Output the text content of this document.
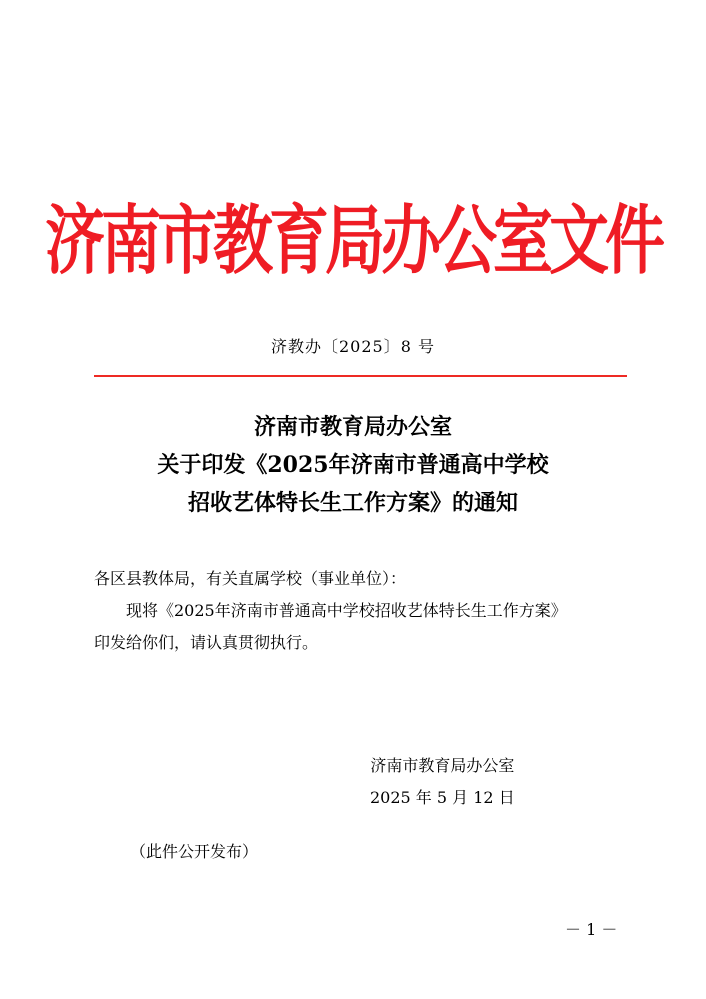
济南市教育局办公室文件
济教办〔2025〕8 号
济南市教育局办公室
关于印发《2025年济南市普通高中学校
招收艺体特长生工作方案》的通知

各区县教体局，有关直属学校（事业单位）：

现将《2025年济南市普通高中学校招收艺体特长生工作方案》

印发给你们，请认真贯彻执行。

济南市教育局办公室
2025 年 5 月 12 日
（此件公开发布）
－ 1 －
